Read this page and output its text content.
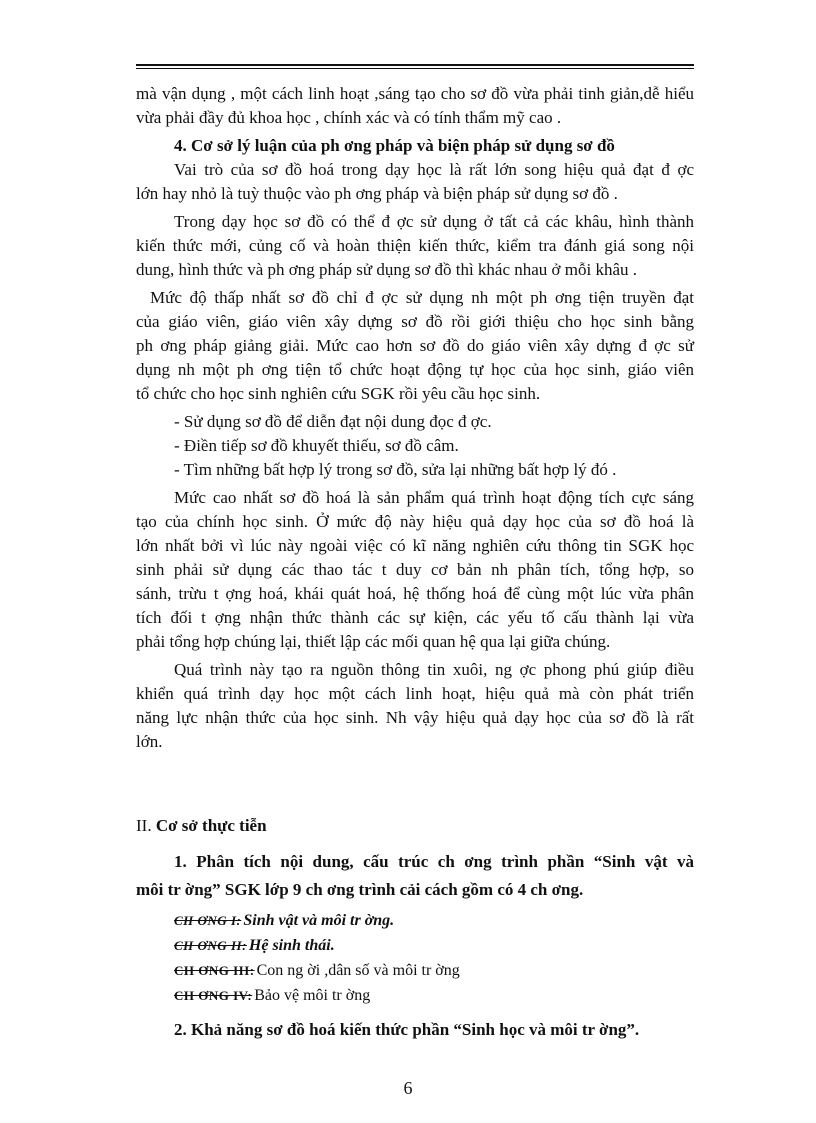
mà vận dụng , một cách linh hoạt ,sáng tạo cho sơ đồ vừa phải tinh giản,dễ hiểu
vừa phải đầy đủ khoa học , chính xác và có tính thẩm mỹ cao .
4. Cơ sở lý luận của ph ơng pháp và biện pháp sử dụng sơ đồ
Vai trò của sơ đồ hoá trong dạy học là rất lớn song hiệu quả đạt đ ợc
lớn hay nhỏ là tuỳ thuộc vào ph ơng pháp và biện pháp sử dụng sơ đồ .
Trong dạy học sơ đồ có thể đ ợc sử dụng ở tất cả các khâu, hình thành
kiến thức mới, củng cố và hoàn thiện kiến thức, kiểm tra đánh giá song nội
dung, hình thức và ph ơng pháp sử dụng sơ đồ thì khác nhau ở mỗi khâu .
Mức độ thấp nhất sơ đồ chỉ đ ợc sử dụng nh một ph ơng tiện truyền đạt
của giáo viên, giáo viên xây dựng sơ đồ rồi giới thiệu cho học sinh bằng
ph ơng pháp giảng giải. Mức cao hơn sơ đồ do giáo viên xây dựng đ ợc sử
dụng nh một ph ơng tiện tổ chức hoạt động tự học của học sinh, giáo viên
tổ chức cho học sinh nghiên cứu SGK rồi yêu cầu học sinh.
- Sử dụng sơ đồ để diễn đạt nội dung đọc đ ợc.
- Điền tiếp sơ đồ khuyết thiếu, sơ đồ câm.
- Tìm những bất hợp lý trong sơ đồ, sửa lại những bất hợp lý đó .
Mức cao nhất sơ đồ hoá là sản phẩm quá trình hoạt động tích cực sáng
tạo của chính học sinh. Ở mức độ này hiệu quả dạy học của sơ đồ hoá là
lớn nhất bởi vì lúc này ngoài việc có kĩ năng nghiên cứu thông tin SGK học
sinh phải sử dụng các thao tác t duy cơ bản nh phân tích, tổng hợp, so
sánh, trừu t ợng hoá, khái quát hoá, hệ thống hoá để cùng một lúc vừa phân
tích đối t ợng nhận thức thành các sự kiện, các yếu tố cấu thành lại vừa
phải tổng hợp chúng lại, thiết lập các mối quan hệ qua lại giữa chúng.
Quá trình này tạo ra nguồn thông tin xuôi, ng ợc phong phú giúp điều
khiển quá trình dạy học một cách linh hoạt, hiệu quả mà còn phát triển
năng lực nhận thức của học sinh. Nh vậy hiệu quả dạy học của sơ đồ là rất
lớn.
II. Cơ sở thực tiễn
1. Phân tích nội dung, cấu trúc ch ơng trình phần “Sinh vật và
môi tr ờng” SGK lớp 9 ch ơng trình cải cách gồm có 4 ch ơng.
CH ƠNG I: Sinh vật và môi tr ờng.
CH ƠNG II: Hệ sinh thái.
CH ƠNG III: Con ng ời ,dân số và môi tr ờng
CH ƠNG IV: Bảo vệ môi tr ờng
2. Khả năng sơ đồ hoá kiến thức phần “Sinh học và môi tr ờng”.
6
